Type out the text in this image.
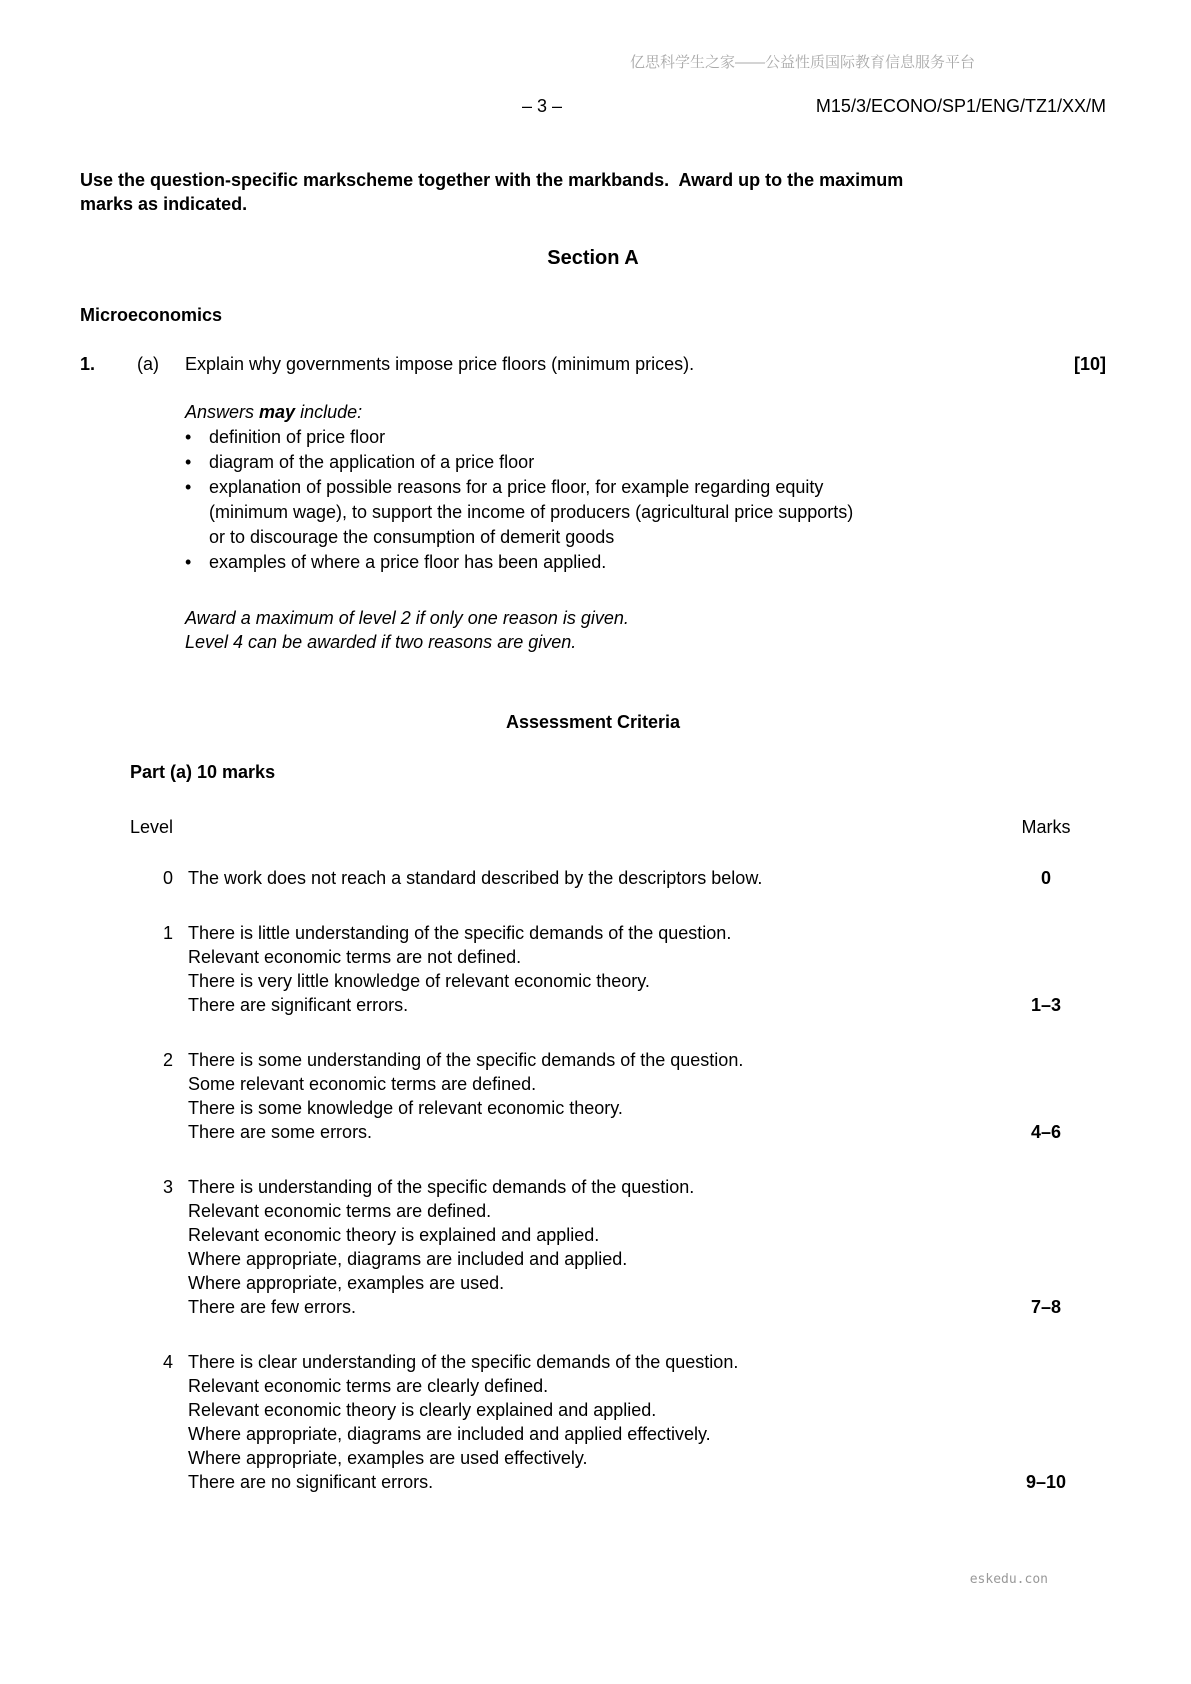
亿思科学生之家——公益性质国际教育信息服务平台
– 3 –	M15/3/ECONO/SP1/ENG/TZ1/XX/M

Use the question-specific markscheme together with the markbands.  Award up to the maximum marks as indicated.

Section A
Microeconomics
1.	(a)	Explain why governments impose price floors (minimum prices).	[10]

Answers may include:

• definition of price floor
• diagram of the application of a price floor
• explanation of possible reasons for a price floor, for example regarding equity (minimum wage), to support the income of producers (agricultural price supports) or to discourage the consumption of demerit goods
• examples of where a price floor has been applied.

Award a maximum of level 2 if only one reason is given.

Level 4 can be awarded if two reasons are given.

Assessment Criteria

Part (a) 10 marks

Level	Marks
0 The work does not reach a standard described by the descriptors below.	0
1 There is little understanding of the specific demands of the question.
Relevant economic terms are not defined.
There is very little knowledge of relevant economic theory.
There are significant errors.	1–3
2 There is some understanding of the specific demands of the question.
Some relevant economic terms are defined.
There is some knowledge of relevant economic theory.
There are some errors.	4–6
3 There is understanding of the specific demands of the question.
Relevant economic terms are defined.
Relevant economic theory is explained and applied.
Where appropriate, diagrams are included and applied.
Where appropriate, examples are used.
There are few errors.	7–8
4 There is clear understanding of the specific demands of the question.
Relevant economic terms are clearly defined.
Relevant economic theory is clearly explained and applied.
Where appropriate, diagrams are included and applied effectively.
Where appropriate, examples are used effectively.
There are no significant errors.	9–10
eskedu.con
